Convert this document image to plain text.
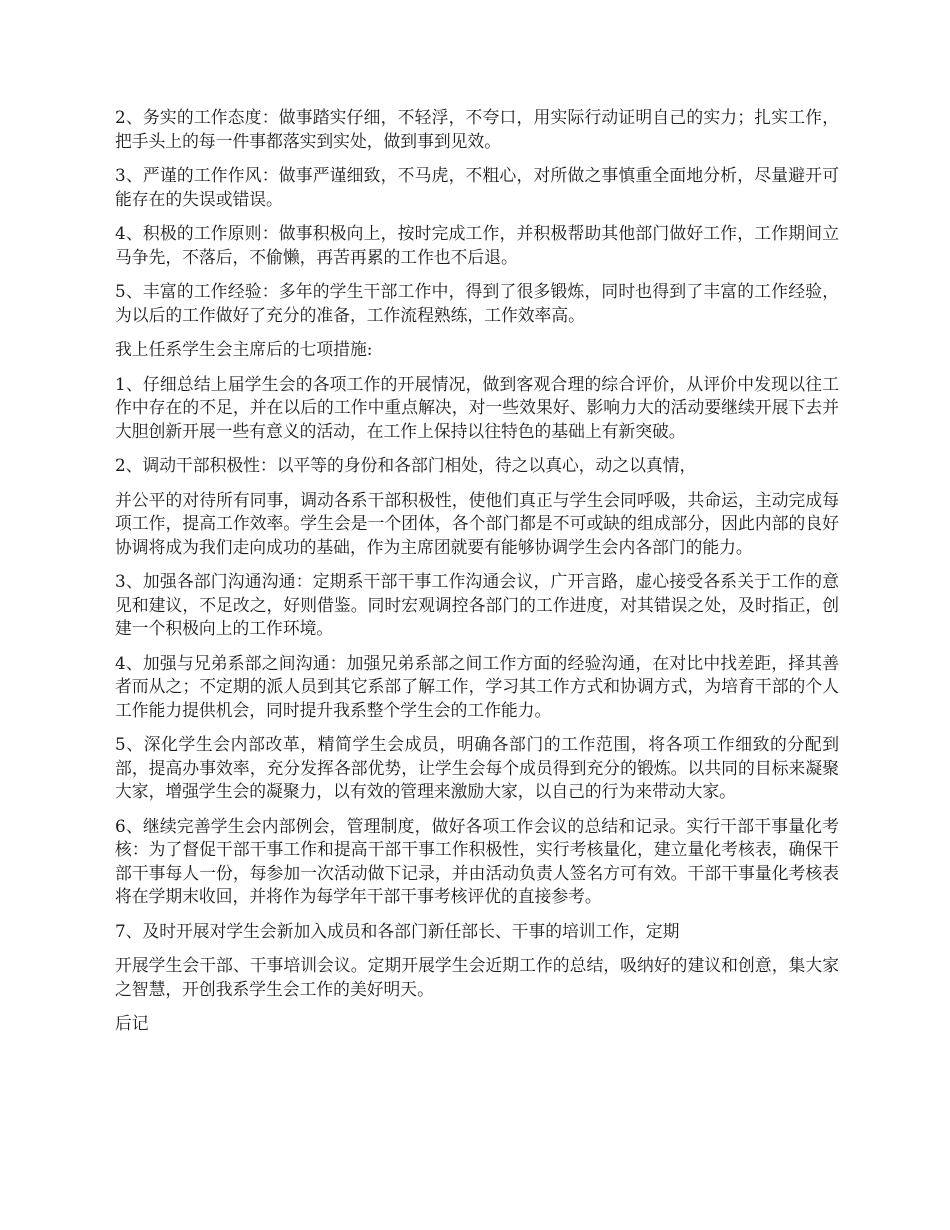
2、务实的工作态度：做事踏实仔细，不轻浮，不夸口，用实际行动证明自己的实力；扎实工作，把手头上的每一件事都落实到实处，做到事到见效。

3、严谨的工作作风：做事严谨细致，不马虎，不粗心，对所做之事慎重全面地分析，尽量避开可能存在的失误或错误。

4、积极的工作原则：做事积极向上，按时完成工作，并积极帮助其他部门做好工作，工作期间立马争先，不落后，不偷懒，再苦再累的工作也不后退。

5、丰富的工作经验：多年的学生干部工作中，得到了很多锻炼，同时也得到了丰富的工作经验，为以后的工作做好了充分的准备，工作流程熟练，工作效率高。

我上任系学生会主席后的七项措施:

1、仔细总结上届学生会的各项工作的开展情况，做到客观合理的综合评价，从评价中发现以往工作中存在的不足，并在以后的工作中重点解决，对一些效果好、影响力大的活动要继续开展下去并大胆创新开展一些有意义的活动，在工作上保持以往特色的基础上有新突破。

2、调动干部积极性：以平等的身份和各部门相处，待之以真心，动之以真情，

并公平的对待所有同事，调动各系干部积极性，使他们真正与学生会同呼吸，共命运，主动完成每项工作，提高工作效率。学生会是一个团体，各个部门都是不可或缺的组成部分，因此内部的良好协调将成为我们走向成功的基础，作为主席团就要有能够协调学生会内各部门的能力。

3、加强各部门沟通沟通：定期系干部干事工作沟通会议，广开言路，虚心接受各系关于工作的意见和建议，不足改之，好则借鉴。同时宏观调控各部门的工作进度，对其错误之处，及时指正，创建一个积极向上的工作环境。

4、加强与兄弟系部之间沟通：加强兄弟系部之间工作方面的经验沟通，在对比中找差距，择其善者而从之；不定期的派人员到其它系部了解工作，学习其工作方式和协调方式，为培育干部的个人工作能力提供机会，同时提升我系整个学生会的工作能力。

5、深化学生会内部改革，精简学生会成员，明确各部门的工作范围，将各项工作细致的分配到部，提高办事效率，充分发挥各部优势，让学生会每个成员得到充分的锻炼。以共同的目标来凝聚大家，增强学生会的凝聚力，以有效的管理来激励大家，以自己的行为来带动大家。

6、继续完善学生会内部例会，管理制度，做好各项工作会议的总结和记录。实行干部干事量化考核：为了督促干部干事工作和提高干部干事工作积极性，实行考核量化，建立量化考核表，确保干部干事每人一份，每参加一次活动做下记录，并由活动负责人签名方可有效。干部干事量化考核表将在学期末收回，并将作为每学年干部干事考核评优的直接参考。

7、及时开展对学生会新加入成员和各部门新任部长、干事的培训工作，定期

开展学生会干部、干事培训会议。定期开展学生会近期工作的总结，吸纳好的建议和创意，集大家之智慧，开创我系学生会工作的美好明天。

后记
